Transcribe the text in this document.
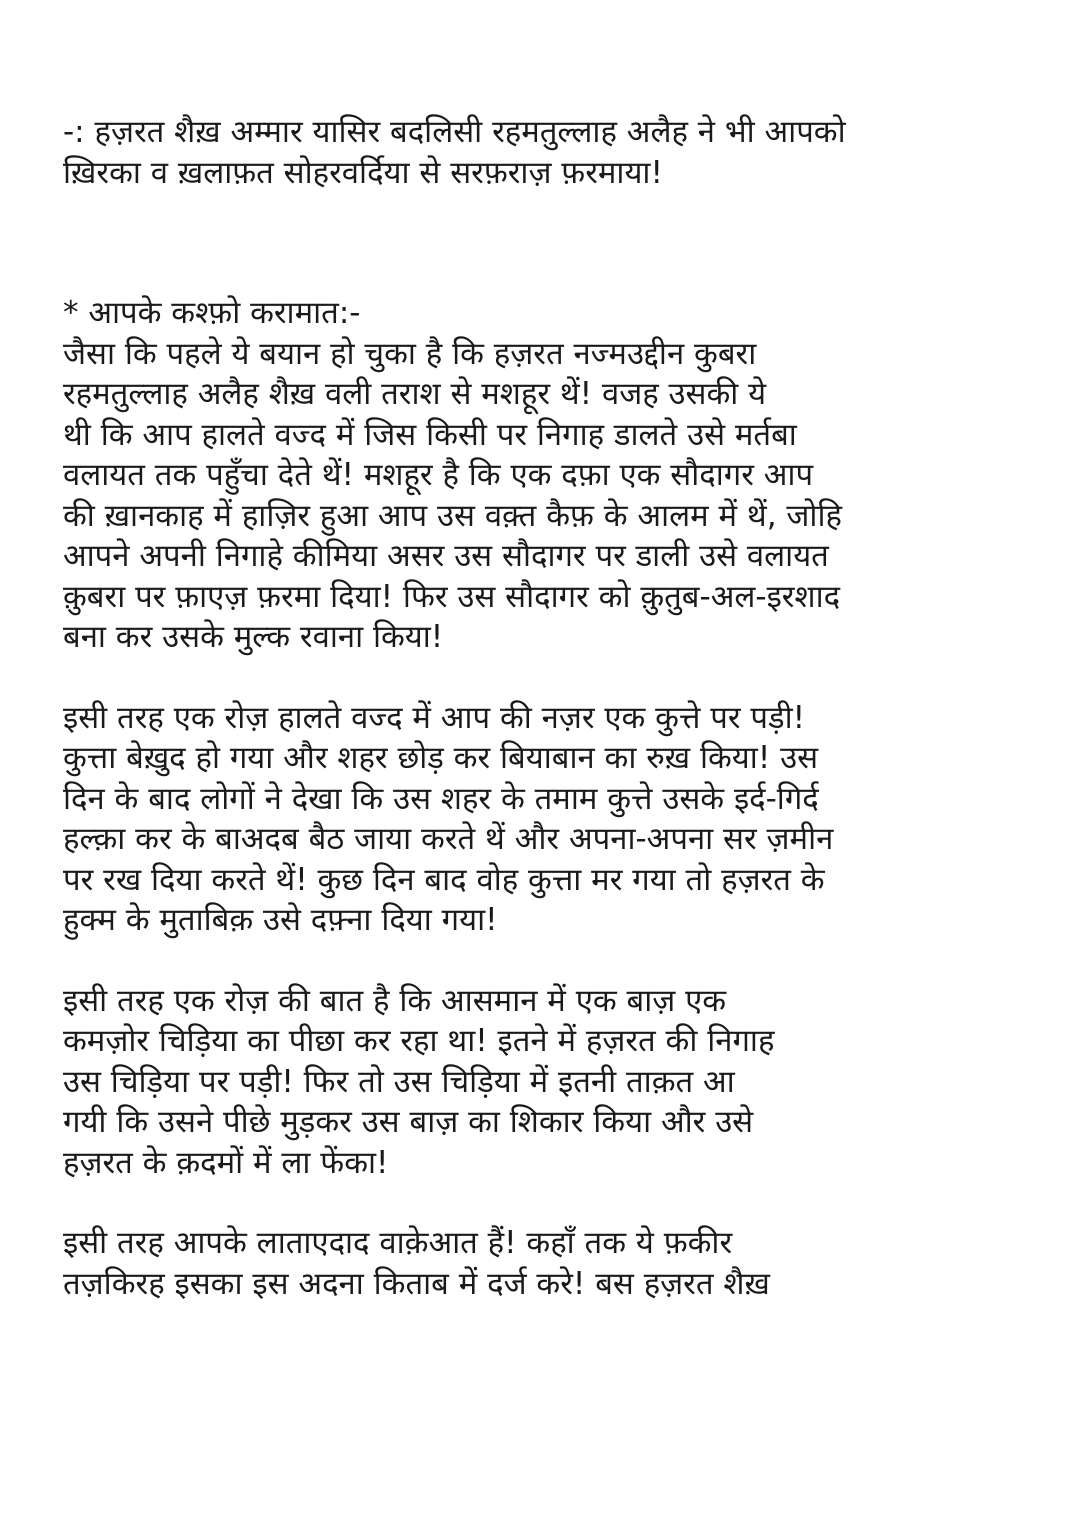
-: हज़रत शैख़ अम्मार यासिर बदलिसी रहमतुल्लाह अलैह ने भी आपको
ख़िरका व ख़लाफ़त सोहरवर्दिया से सरफ़राज़ फ़रमाया!
* आपके कश्फ़ो करामात:-
जैसा कि पहले ये बयान हो चुका है कि हज़रत नज्मउद्दीन कुबरा
रहमतुल्लाह अलैह शैख़ वली तराश से मशहूर थें! वजह उसकी ये
थी कि आप हालते वज्द में जिस किसी पर निगाह डालते उसे मर्तबा
वलायत तक पहुँचा देते थें! मशहूर है कि एक दफ़ा एक सौदागर आप
की ख़ानकाह में हाज़िर हुआ आप उस वक़्त कैफ़ के आलम में थें, जोहि
आपने अपनी निगाहे कीमिया असर उस सौदागर पर डाली उसे वलायत
क़ुबरा पर फ़ाएज़ फ़रमा दिया! फिर उस सौदागर को क़ुतुब-अल-इरशाद
बना कर उसके मुल्क रवाना किया!
इसी तरह एक रोज़ हालते वज्द में आप की नज़र एक कुत्ते पर पड़ी!
कुत्ता बेख़ुद हो गया और शहर छोड़ कर बियाबान का रुख़ किया! उस
दिन के बाद लोगों ने देखा कि उस शहर के तमाम कुत्ते उसके इर्द-गिर्द
हल्क़ा कर के बाअदब बैठ जाया करते थें और अपना-अपना सर ज़मीन
पर रख दिया करते थें! कुछ दिन बाद वोह कुत्ता मर गया तो हज़रत के
हुक्म के मुताबिक़ उसे दफ़्ना दिया गया!
इसी तरह एक रोज़ की बात है कि आसमान में एक बाज़ एक
कमज़ोर चिड़िया का पीछा कर रहा था! इतने में हज़रत की निगाह
उस चिड़िया पर पड़ी! फिर तो उस चिड़िया में इतनी ताक़त आ
गयी कि उसने पीछे मुड़कर उस बाज़ का शिकार किया और उसे
हज़रत के क़दमों में ला फेंका!
इसी तरह आपके लाताएदाद वाक़ेआत हैं! कहाँ तक ये फ़कीर
तज़किरह इसका इस अदना किताब में दर्ज करे! बस हज़रत शैख़
